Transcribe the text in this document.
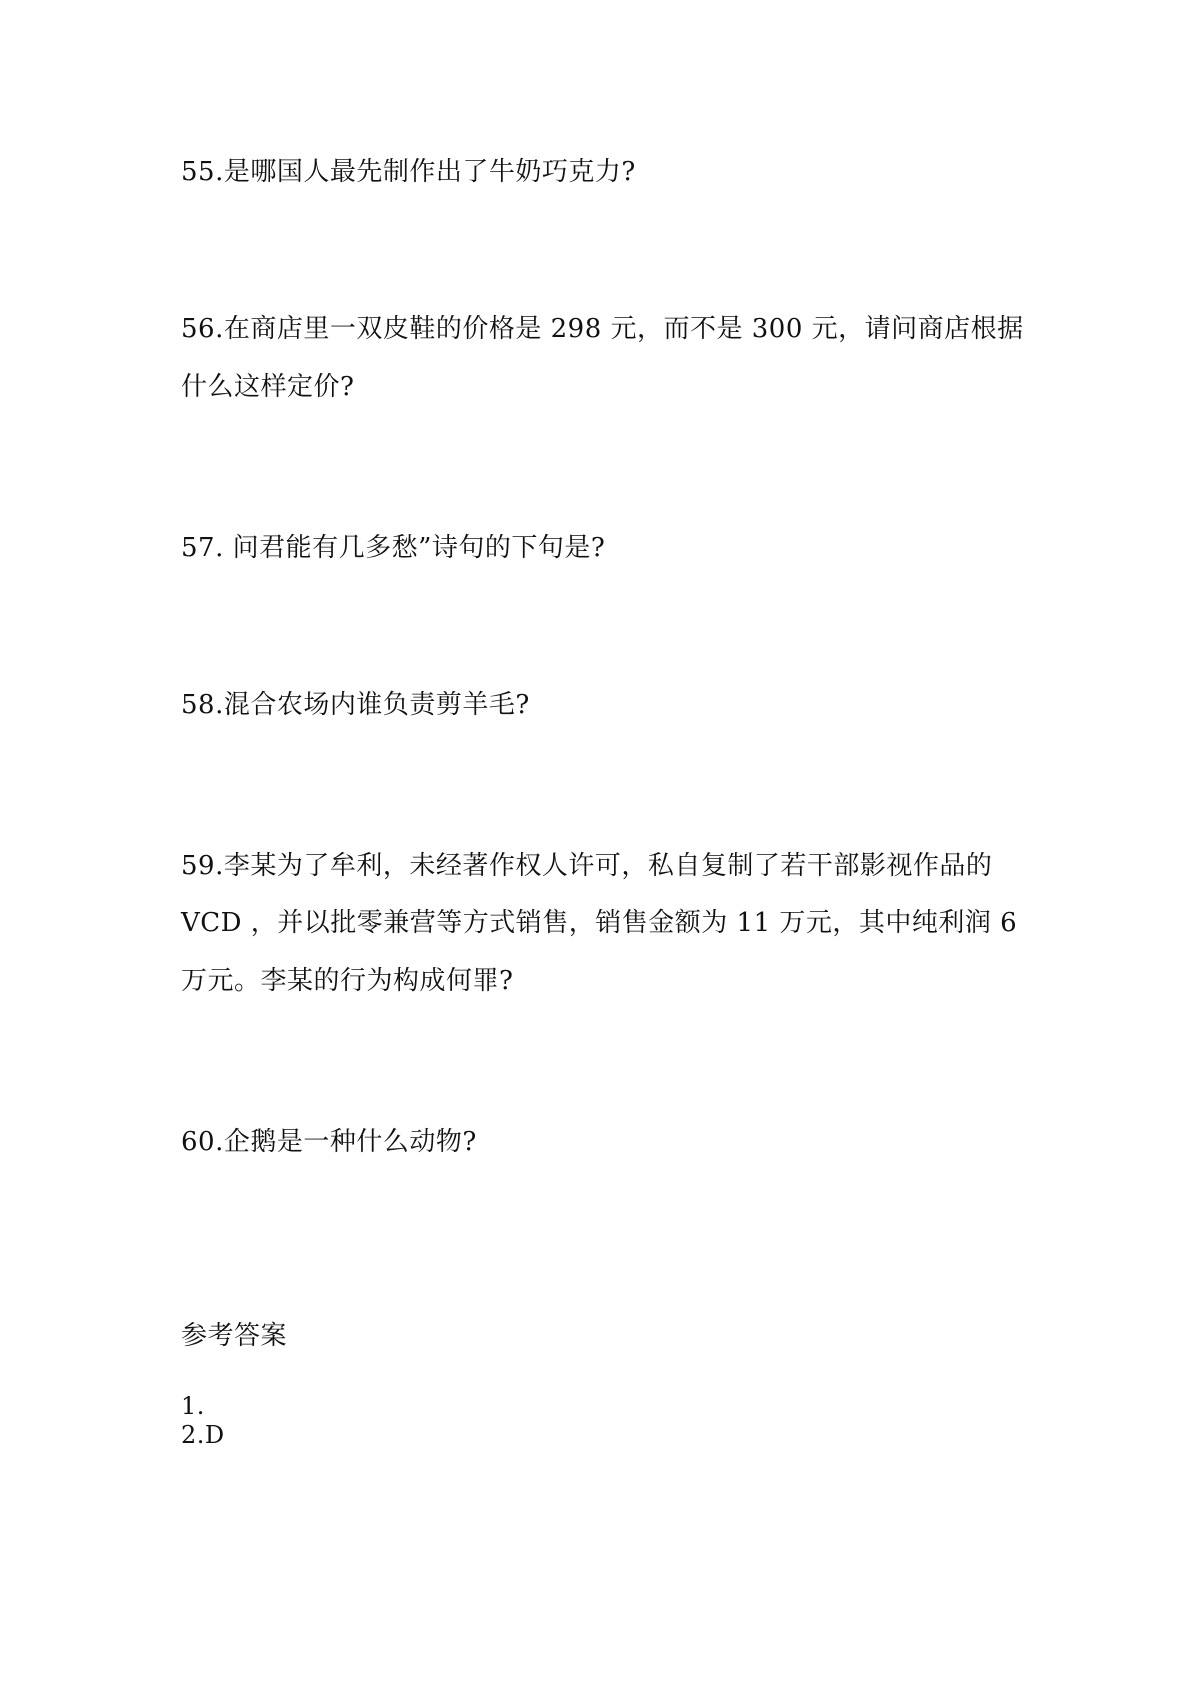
55.是哪国人最先制作出了牛奶巧克力?
56.在商店里一双皮鞋的价格是 298 元，而不是 300 元，请问商店根据
什么这样定价?
57. 问君能有几多愁”诗句的下句是?
58.混合农场内谁负责剪羊毛?
59.李某为了牟利，未经著作权人许可，私自复制了若干部影视作品的
VCD ，并以批零兼营等方式销售，销售金额为 11 万元，其中纯利润 6
万元。李某的行为构成何罪?
60.企鹅是一种什么动物?
参考答案
1.
2.D
